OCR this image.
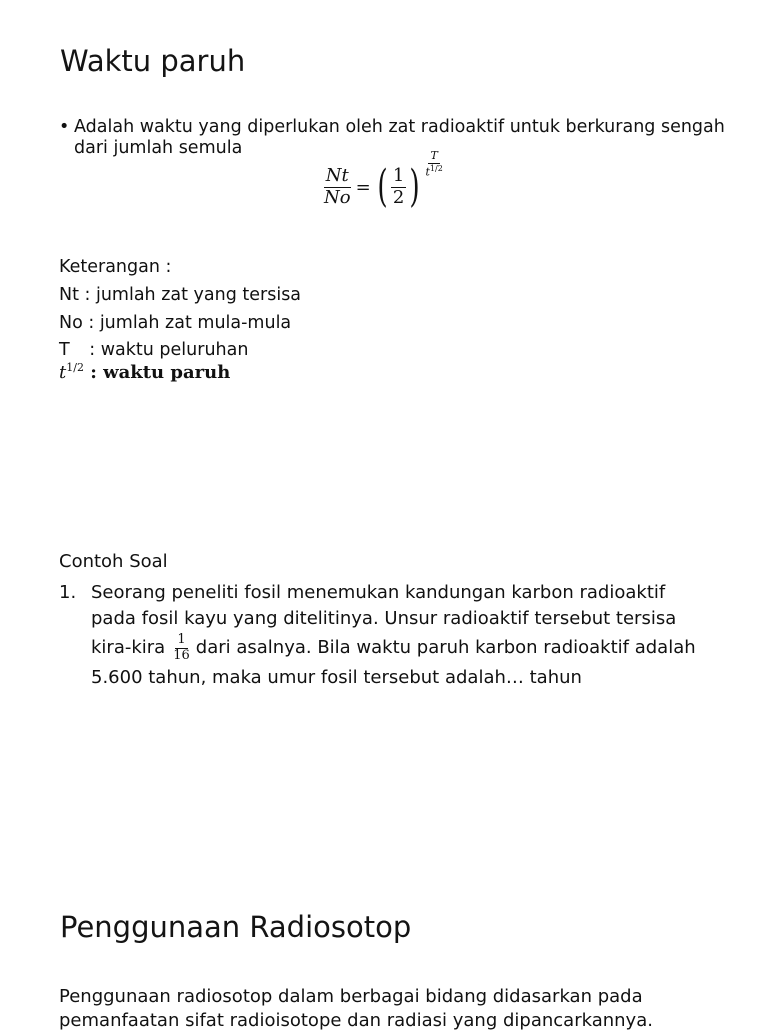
Waktu paruh
• Adalah waktu yang diperlukan oleh zat radioaktif untuk berkurang sengah
dari jumlah semula
$\frac{Nt}{No}$ = ( $\frac{1}{2}$ ) $\frac{T}{t^{1/2}}$
Keterangan :
Nt : jumlah zat yang tersisa
No : jumlah zat mula-mula
T : waktu peluruhan
$t^{1/2}$ : waktu paruh
Contoh Soal
1. Seorang peneliti fosil menemukan kandungan karbon radioaktif
pada fosil kayu yang ditelitinya. Unsur radioaktif tersebut tersisa
kira-kira $\frac{1}{16}$ dari asalnya. Bila waktu paruh karbon radioaktif adalah
5.600 tahun, maka umur fosil tersebut adalah… tahun
Penggunaan Radiosotop
Penggunaan radiosotop dalam berbagai bidang didasarkan pada
pemanfaatan sifat radioisotope dan radiasi yang dipancarkannya.
